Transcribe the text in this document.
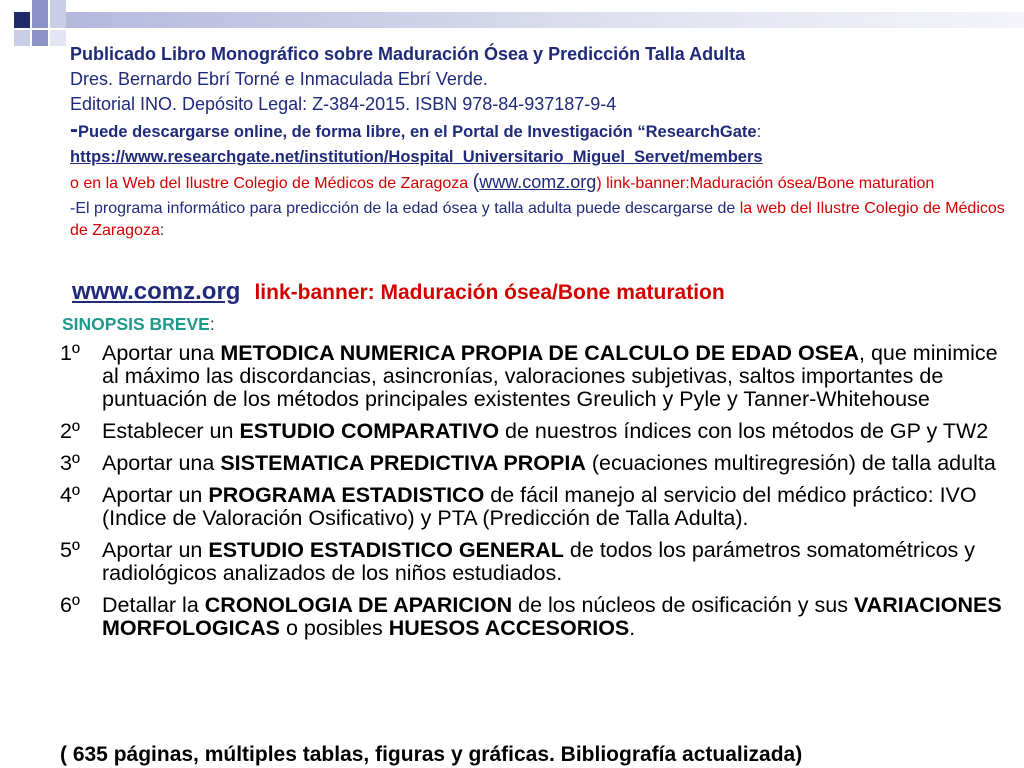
Publicado Libro Monográfico sobre Maduración Ósea y Predicción Talla Adulta
Dres. Bernardo Ebrí Torné e Inmaculada Ebrí Verde.
Editorial INO. Depósito Legal: Z-384-2015. ISBN 978-84-937187-9-4
-Puede descargarse online, de forma libre, en el Portal de Investigación “ResearchGate:
https://www.researchgate.net/institution/Hospital_Universitario_Miguel_Servet/members
o en la Web del Ilustre Colegio de Médicos de Zaragoza (www.comz.org) link-banner:Maduración ósea/Bone maturation
-El programa informático para predicción de la edad ósea y talla adulta puede descargarse de la web del Ilustre Colegio de Médicos de Zaragoza:
www.comz.org link-banner: Maduración ósea/Bone maturation
SINOPSIS BREVE:
1º	Aportar una METODICA NUMERICA PROPIA DE CALCULO DE EDAD OSEA, que minimice al máximo las discordancias, asincronías, valoraciones subjetivas, saltos importantes de puntuación de los métodos principales existentes Greulich y Pyle y Tanner-Whitehouse
2º	Establecer un ESTUDIO COMPARATIVO de nuestros índices con los métodos de GP y TW2
3º	Aportar una SISTEMATICA PREDICTIVA PROPIA (ecuaciones multiregresión) de talla adulta
4º	Aportar un PROGRAMA ESTADISTICO de fácil manejo al servicio del médico práctico: IVO (Indice de Valoración Osificativo) y PTA (Predicción de Talla Adulta).
5º	Aportar un ESTUDIO ESTADISTICO GENERAL de todos los parámetros somatométricos y radiológicos analizados de los niños estudiados.
6º	Detallar la CRONOLOGIA DE APARICION de los núcleos de osificación y sus VARIACIONES MORFOLOGICAS o posibles HUESOS ACCESORIOS.
( 635 páginas, múltiples tablas, figuras y gráficas. Bibliografía actualizada)
